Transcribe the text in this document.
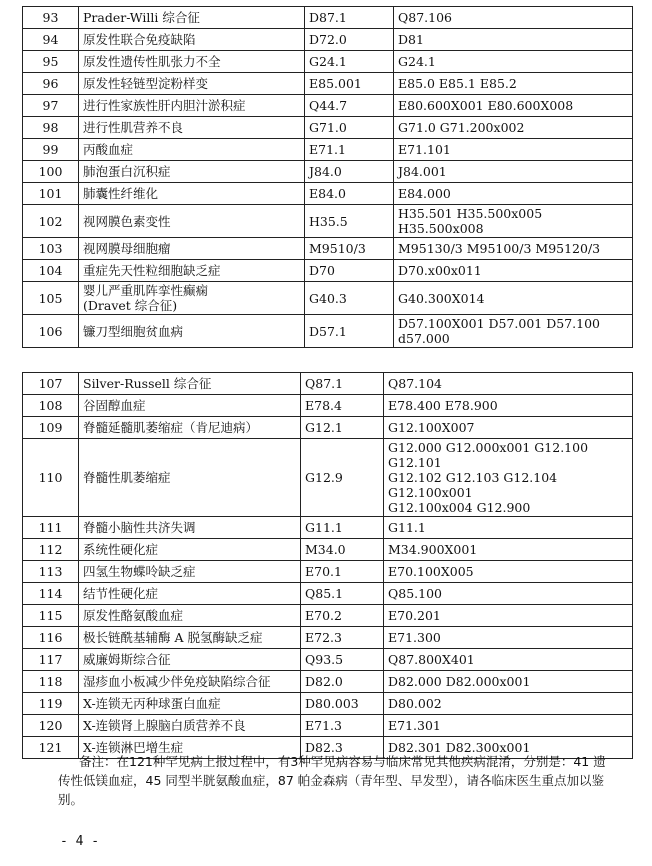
93	Prader-Willi 综合征	D87.1	Q87.106
94	原发性联合免疫缺陷	D72.0	D81
95	原发性遗传性肌张力不全	G24.1	G24.1
96	原发性轻链型淀粉样变	E85.001	E85.0 E85.1 E85.2
97	进行性家族性肝内胆汁淤积症	Q44.7	E80.600X001 E80.600X008
98	进行性肌营养不良	G71.0	G71.0 G71.200x002
99	丙酸血症	E71.1	E71.101
100	肺泡蛋白沉积症	J84.0	J84.001
101	肺囊性纤维化	E84.0	E84.000
102	视网膜色素变性	H35.5	H35.501 H35.500x005 H35.500x008
103	视网膜母细胞瘤	M9510/3	M95130/3 M95100/3 M95120/3
104	重症先天性粒细胞缺乏症	D70	D70.x00x011
105	婴儿严重肌阵挛性癫痫
(Dravet 综合征)	G40.3	G40.300X014

106	镰刀型细胞贫血病	D57.1	D57.100X001 D57.001 D57.100
d57.000
107	Silver-Russell 综合征	Q87.1	Q87.104
108	谷固醇血症	E78.4	E78.400 E78.900
109	脊髓延髓肌萎缩症（肯尼迪病）	G12.1	G12.100X007
110	脊髓性肌萎缩症	G12.9	G12.000 G12.000x001 G12.100 G12.101
G12.102 G12.103 G12.104 G12.100x001
G12.100x004 G12.900
111	脊髓小脑性共济失调	G11.1	G11.1
112	系统性硬化症	M34.0	M34.900X001
113	四氢生物蝶呤缺乏症	E70.1	E70.100X005
114	结节性硬化症	Q85.1	Q85.100
115	原发性酪氨酸血症	E70.2	E70.201
116	极长链酰基辅酶 A 脱氢酶缺乏症	E72.3	E71.300
117	威廉姆斯综合征	Q93.5	Q87.800X401
118	湿疹血小板减少伴免疫缺陷综合征	D82.0	D82.000 D82.000x001
119	X-连锁无丙种球蛋白血症	D80.003	D80.002
120	X-连锁肾上腺脑白质营养不良	E71.3	E71.301
121	X-连锁淋巴增生症	D82.3	D82.301 D82.300x001
备注：在121种罕见病上报过程中，有3种罕见病容易与临床常见其他疾病混淆，分别是：41 遗传性低镁血症，45 同型半胱氨酸血症，87 帕金森病（青年型、早发型），请各临床医生重点加以鉴别。
- 4 -
